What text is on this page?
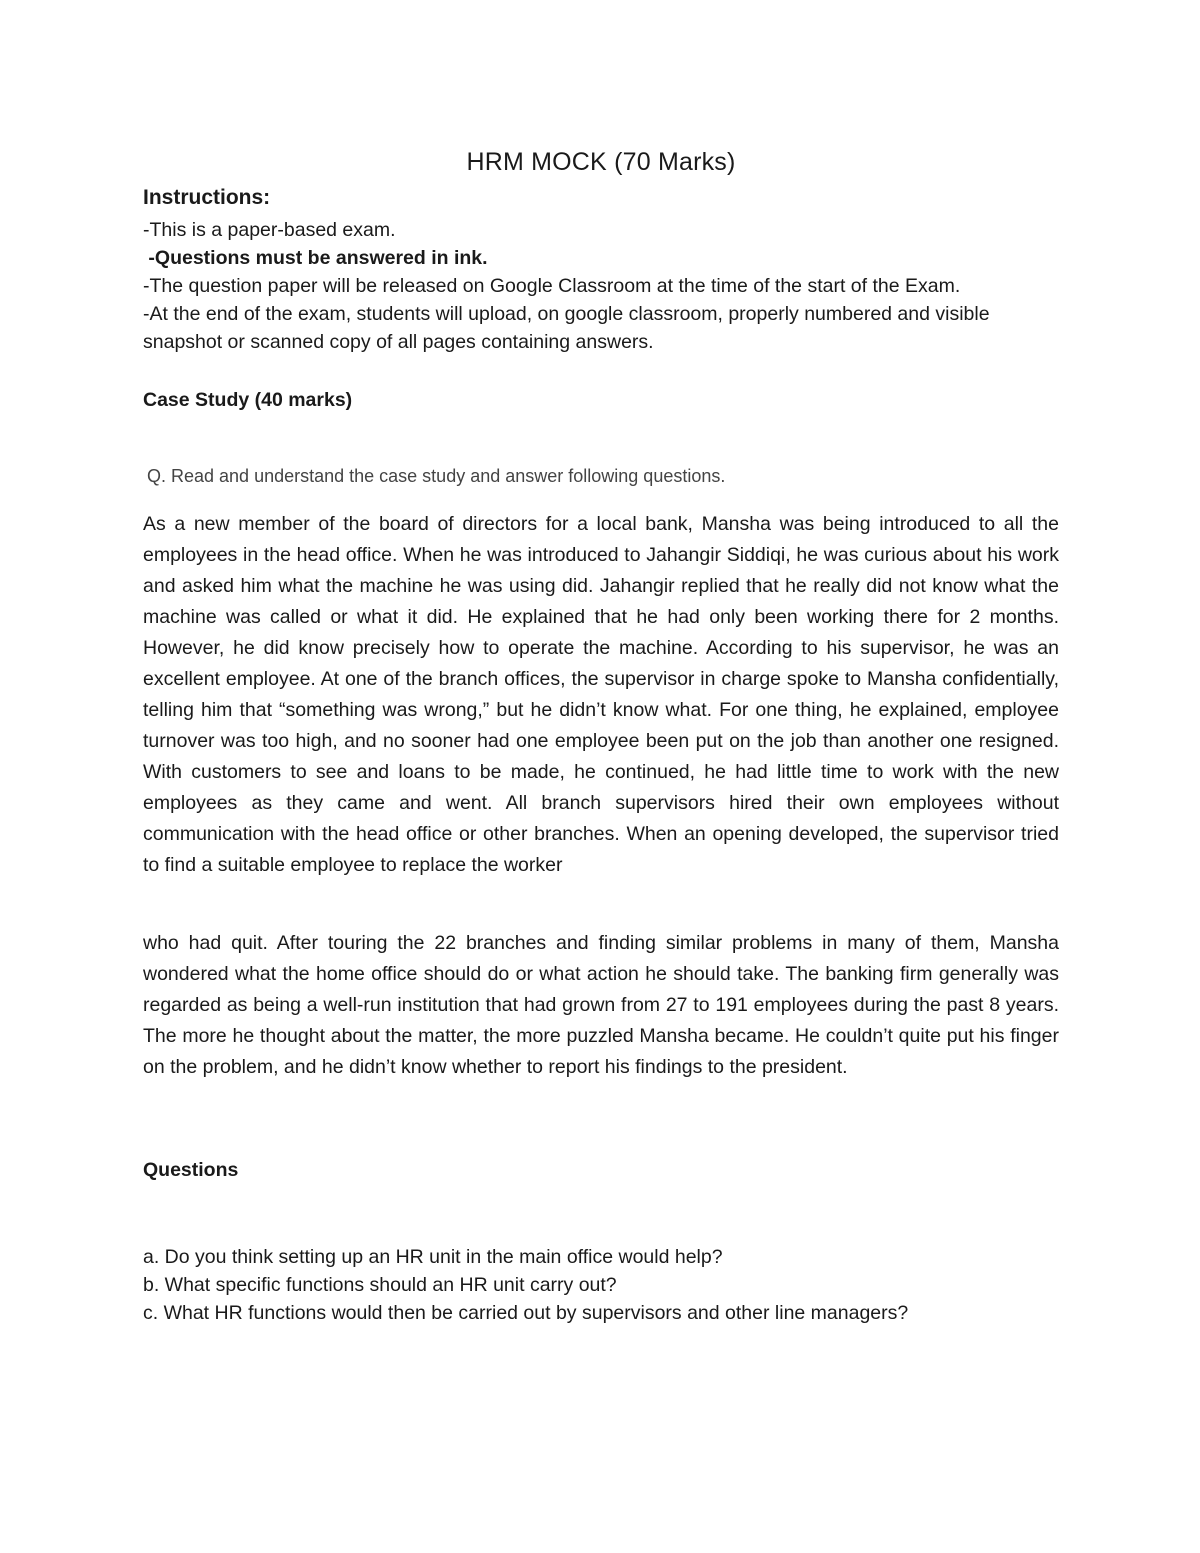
HRM MOCK (70 Marks)
Instructions:
-This is a paper-based exam.
-Questions must be answered in ink.
-The question paper will be released on Google Classroom at the time of the start of the Exam.
-At the end of the exam, students will upload, on google classroom, properly numbered and visible snapshot or scanned copy of all pages containing answers.
Case Study (40 marks)
Q. Read and understand the case study and answer following questions.
As a new member of the board of directors for a local bank, Mansha was being introduced to all the employees in the head office. When he was introduced to Jahangir Siddiqi, he was curious about his work and asked him what the machine he was using did. Jahangir replied that he really did not know what the machine was called or what it did. He explained that he had only been working there for 2 months. However, he did know precisely how to operate the machine. According to his supervisor, he was an excellent employee. At one of the branch offices, the supervisor in charge spoke to Mansha confidentially, telling him that “something was wrong,” but he didn’t know what. For one thing, he explained, employee turnover was too high, and no sooner had one employee been put on the job than another one resigned. With customers to see and loans to be made, he continued, he had little time to work with the new employees as they came and went. All branch supervisors hired their own employees without communication with the head office or other branches. When an opening developed, the supervisor tried to find a suitable employee to replace the worker
who had quit. After touring the 22 branches and finding similar problems in many of them, Mansha wondered what the home office should do or what action he should take. The banking firm generally was regarded as being a well-run institution that had grown from 27 to 191 employees during the past 8 years. The more he thought about the matter, the more puzzled Mansha became. He couldn’t quite put his finger on the problem, and he didn’t know whether to report his findings to the president.
Questions
a. Do you think setting up an HR unit in the main office would help?
b. What specific functions should an HR unit carry out?
c. What HR functions would then be carried out by supervisors and other line managers?
